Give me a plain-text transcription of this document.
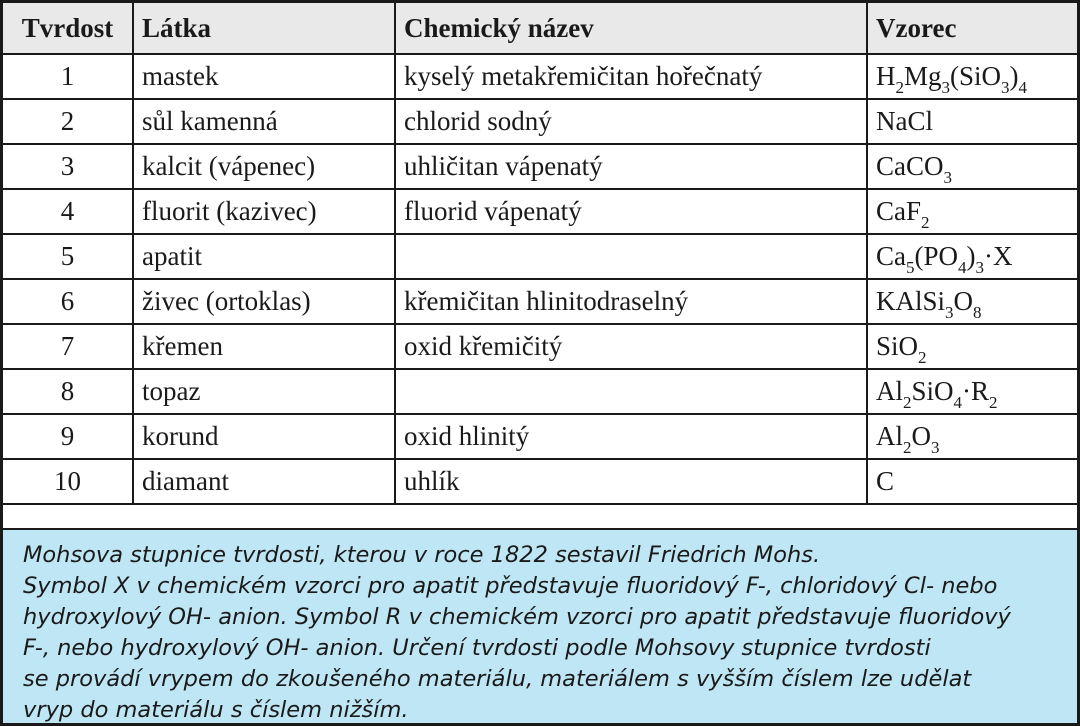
Tvrdost	Látka	Chemický název	Vzorec
1	mastek	kyselý metakřemičitan hořečnatý	$H_2Mg_3(SiO_3)_4$
2	sůl kamenná	chlorid sodný	NaCl
3	kalcit (vápenec)	uhličitan vápenatý	CaCO$_3$
4	fluorit (kazivec)	fluorid vápenatý	CaF$_2$
5	apatit		$Ca_5(PO_4)_3\cdot X$
6	živec (ortoklas)	křemičitan hlinitodraselný	$KAlSi_3O_8$
7	křemen	oxid křemičitý	SiO$_2$
8	topaz		$Al_2SiO_4\cdot R_2$
9	korund	oxid hlinitý	$Al_2O_3$
10	diamant	uhlík	C

Mohsova stupnice tvrdosti, kterou v roce 1822 sestavil Friedrich Mohs.

Symbol X v chemickém vzorci pro apatit představuje fluoridový F-, chloridový Cl- nebo

hydroxylový OH- anion. Symbol R v chemickém vzorci pro apatit představuje fluoridový

F-, nebo hydroxylový OH- anion. Určení tvrdosti podle Mohsovy stupnice tvrdosti

se provádí vrypem do zkoušeného materiálu, materiálem s vyšším číslem lze udělat

vryp do materiálu s číslem nižším.
